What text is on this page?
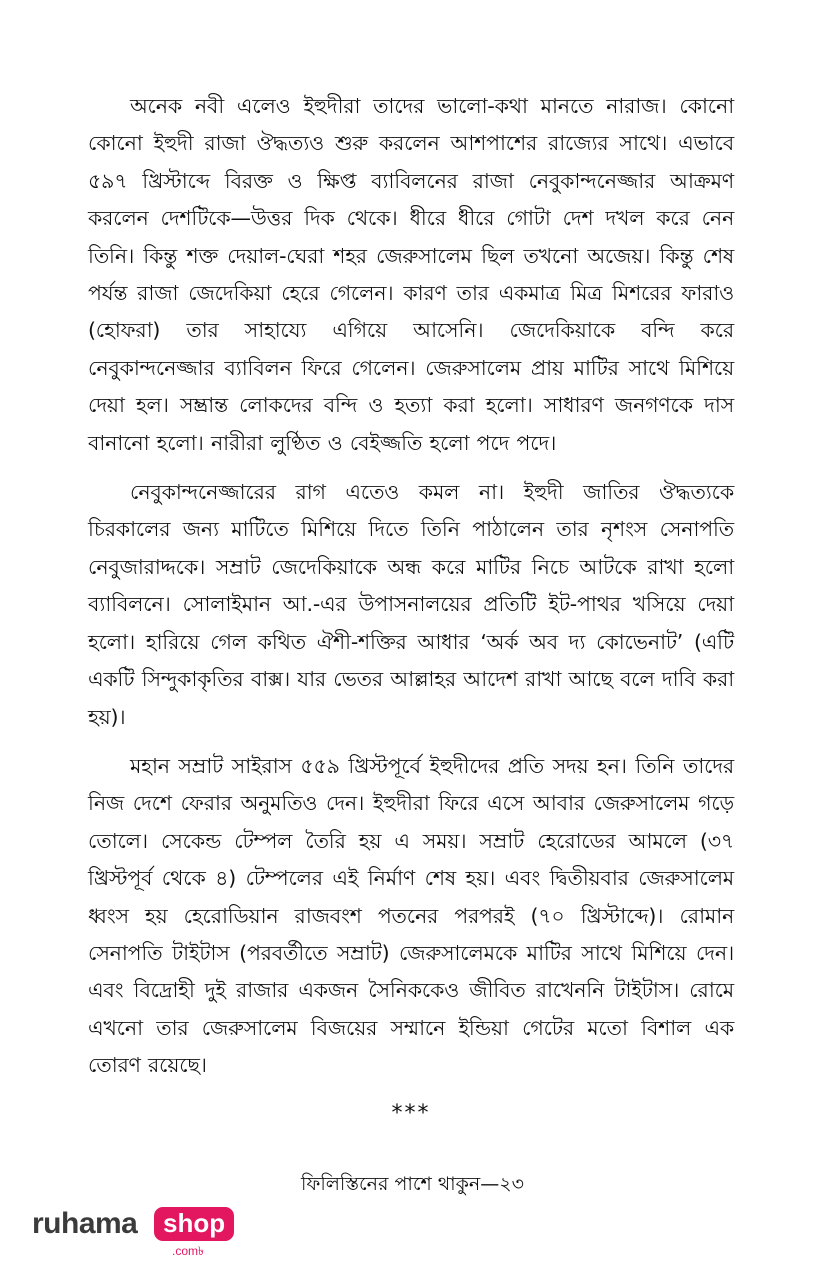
অনেক নবী এলেও ইহুদীরা তাদের ভালো-কথা মানতে নারাজ। কোনো কোনো ইহুদী রাজা ঔদ্ধত্যও শুরু করলেন আশপাশের রাজ্যের সাথে। এভাবে ৫৯৭ খ্রিস্টাব্দে বিরক্ত ও ক্ষিপ্ত ব্যাবিলনের রাজা নেবুকান্দনেজ্জার আক্রমণ করলেন দেশটিকে—উত্তর দিক থেকে। ধীরে ধীরে গোটা দেশ দখল করে নেন তিনি। কিন্তু শক্ত দেয়াল-ঘেরা শহর জেরুসালেম ছিল তখনো অজেয়। কিন্তু শেষ পর্যন্ত রাজা জেদেকিয়া হেরে গেলেন। কারণ তার একমাত্র মিত্র মিশরের ফারাও (হোফরা) তার সাহায্যে এগিয়ে আসেনি। জেদেকিয়াকে বন্দি করে নেবুকান্দনেজ্জার ব্যাবিলন ফিরে গেলেন। জেরুসালেম প্রায় মাটির সাথে মিশিয়ে দেয়া হল। সম্ভ্রান্ত লোকদের বন্দি ও হত্যা করা হলো। সাধারণ জনগণকে দাস বানানো হলো। নারীরা লুণ্ঠিত ও বেইজ্জতি হলো পদে পদে।

নেবুকান্দনেজ্জারের রাগ এতেও কমল না। ইহুদী জাতির ঔদ্ধত্যকে চিরকালের জন্য মাটিতে মিশিয়ে দিতে তিনি পাঠালেন তার নৃশংস সেনাপতি নেবুজারাদ্দকে। সম্রাট জেদেকিয়াকে অন্ধ করে মাটির নিচে আটকে রাখা হলো ব্যাবিলনে। সোলাইমান আ.-এর উপাসনালয়ের প্রতিটি ইট-পাথর খসিয়ে দেয়া হলো। হারিয়ে গেল কথিত ঐশী-শক্তির আধার ‘অর্ক অব দ্য কোভেনাট’ (এটি একটি সিন্দুকাকৃতির বাক্স। যার ভেতর আল্লাহর আদেশ রাখা আছে বলে দাবি করা হয়)।

মহান সম্রাট সাইরাস ৫৫৯ খ্রিস্টপূর্বে ইহুদীদের প্রতি সদয় হন। তিনি তাদের নিজ দেশে ফেরার অনুমতিও দেন। ইহুদীরা ফিরে এসে আবার জেরুসালেম গড়ে তোলে। সেকেন্ড টেম্পল তৈরি হয় এ সময়। সম্রাট হেরোডের আমলে (৩৭ খ্রিস্টপূর্ব থেকে ৪) টেম্পলের এই নির্মাণ শেষ হয়। এবং দ্বিতীয়বার জেরুসালেম ধ্বংস হয় হেরোডিয়ান রাজবংশ পতনের পরপরই (৭০ খ্রিস্টাব্দে)। রোমান সেনাপতি টাইটাস (পরবর্তীতে সম্রাট) জেরুসালেমকে মাটির সাথে মিশিয়ে দেন। এবং বিদ্রোহী দুই রাজার একজন সৈনিককেও জীবিত রাখেননি টাইটাস। রোমে এখনো তার জেরুসালেম বিজয়ের সম্মানে ইন্ডিয়া গেটের মতো বিশাল এক তোরণ রয়েছে।

***
ফিলিস্তিনের পাশে থাকুন—২৩
ruhama shop
.com৳
